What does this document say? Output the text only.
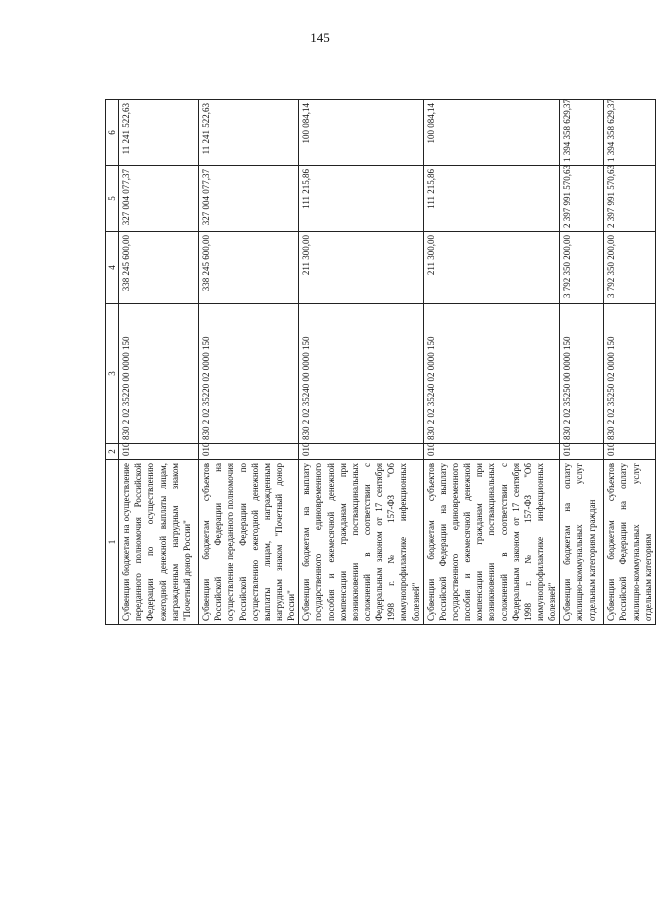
145
1	2	3	4	5	6
Субвенции бюджетам на осуществление переданного полномочия Российской Федерации по осуществлению ежегодной денежной выплаты лицам, награжденным нагрудным знаком "Почетный донор России"	010	830 2 02 35220 00 0000 150	338 245 600,00	327 004 077,37	11 241 522,63
Субвенции бюджетам субъектов Российской Федерации на осуществление переданного полномочия Российской Федерации по осуществлению ежегодной денежной выплаты лицам, награжденным нагрудным знаком "Почетный донор России"	010	830 2 02 35220 02 0000 150	338 245 600,00	327 004 077,37	11 241 522,63
Субвенции бюджетам на выплату государственного единовременного пособия и ежемесячной денежной компенсации гражданам при возникновении поствакцинальных осложнений в соответствии с Федеральным законом от 17 сентября 1998 г. № 157-ФЗ "Об иммунопрофилактике инфекционных болезней"	010	830 2 02 35240 00 0000 150	211 300,00	111 215,86	100 084,14
Субвенции бюджетам субъектов Российской Федерации на выплату государственного единовременного пособия и ежемесячной денежной компенсации гражданам при возникновении поствакцинальных осложнений в соответствии с Федеральным законом от 17 сентября 1998 г. № 157-ФЗ "Об иммунопрофилактике инфекционных болезней"	010	830 2 02 35240 02 0000 150	211 300,00	111 215,86	100 084,14
Субвенции бюджетам на оплату жилищно-коммунальных услуг отдельным категориям граждан	010	830 2 02 35250 00 0000 150	3 792 350 200,00	2 397 991 570,63	1 394 358 629,37
Субвенции бюджетам субъектов Российской Федерации на оплату жилищно-коммунальных услуг отдельным категориям	010	830 2 02 35250 02 0000 150	3 792 350 200,00	2 397 991 570,63	1 394 358 629,37
